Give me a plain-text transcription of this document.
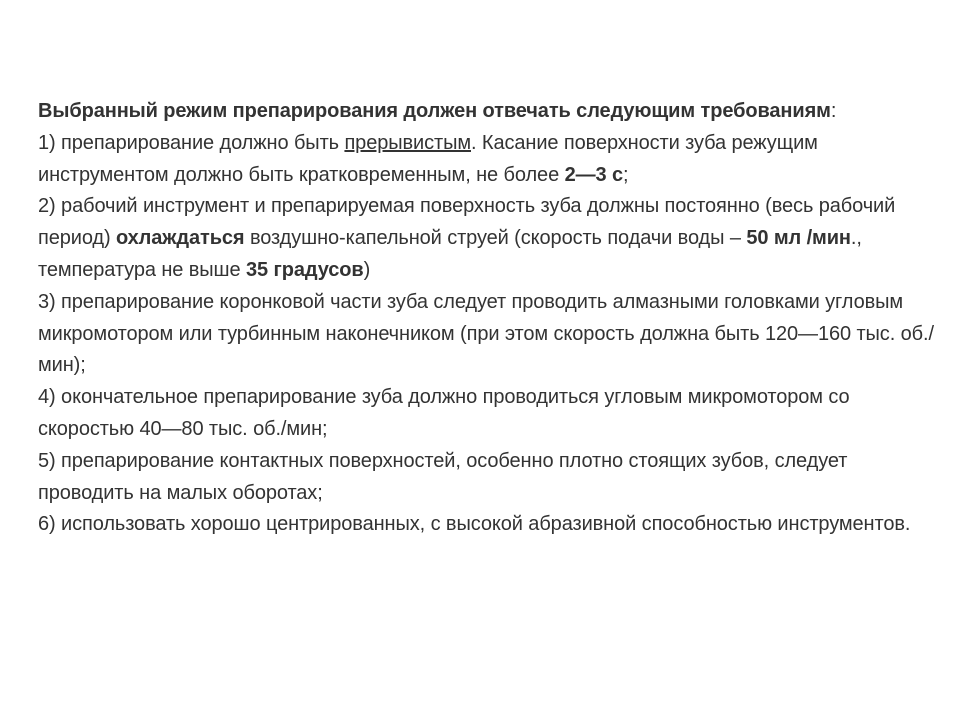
Выбранный режим препарирования должен отвечать следующим требованиям:

1) препарирование должно быть прерывистым. Касание поверхности зуба режущим инструментом должно быть кратковременным, не более 2—3 с;

2) рабочий инструмент и препарируемая поверхность зуба должны постоянно (весь рабочий период) охлаждаться воздушно-капельной струей (скорость подачи воды – 50 мл /мин., температура не выше 35 градусов)

3) препарирование коронковой части зуба следует проводить алмазными головками угловым микромотором или турбинным наконечником (при этом скорость должна быть 120—160 тыс. об./мин);

4) окончательное препарирование зуба должно проводиться угловым микромотором со скоростью 40—80 тыс. об./мин;

5) препарирование контактных поверхностей, особенно плотно стоящих зубов, следует проводить на малых оборотах;

6) использовать хорошо центрированных, с высокой абразивной способностью инструментов.
